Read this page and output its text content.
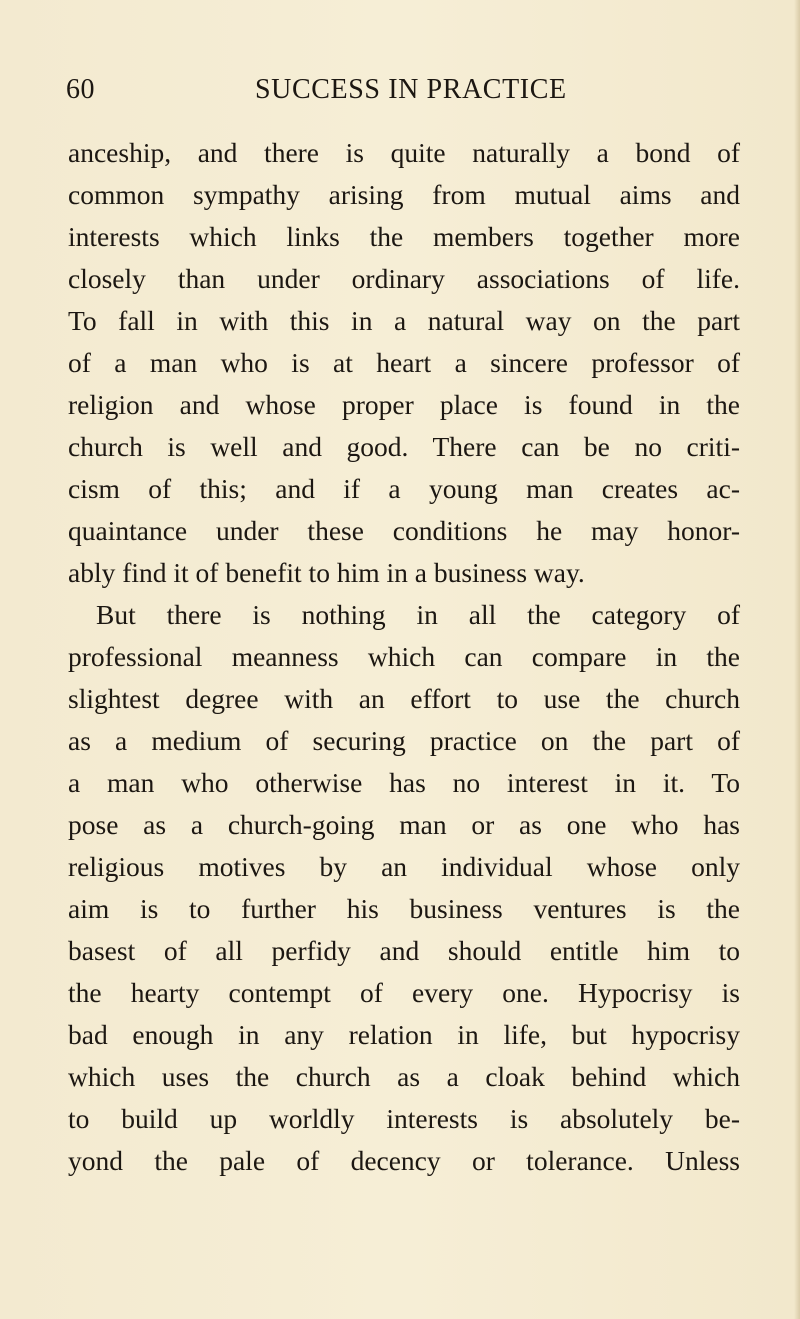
60	SUCCESS IN PRACTICE
anceship, and there is quite naturally a bond of
common sympathy arising from mutual aims and
interests which links the members together more
closely than under ordinary associations of life.
To fall in with this in a natural way on the part
of a man who is at heart a sincere professor of
religion and whose proper place is found in the
church is well and good. There can be no criti-
cism of this; and if a young man creates ac-
quaintance under these conditions he may honor-
ably find it of benefit to him in a business way.
But there is nothing in all the category of
professional meanness which can compare in the
slightest degree with an effort to use the church
as a medium of securing practice on the part of
a man who otherwise has no interest in it. To
pose as a church-going man or as one who has
religious motives by an individual whose only
aim is to further his business ventures is the
basest of all perfidy and should entitle him to
the hearty contempt of every one. Hypocrisy is
bad enough in any relation in life, but hypocrisy
which uses the church as a cloak behind which
to build up worldly interests is absolutely be-
yond the pale of decency or tolerance. Unless
